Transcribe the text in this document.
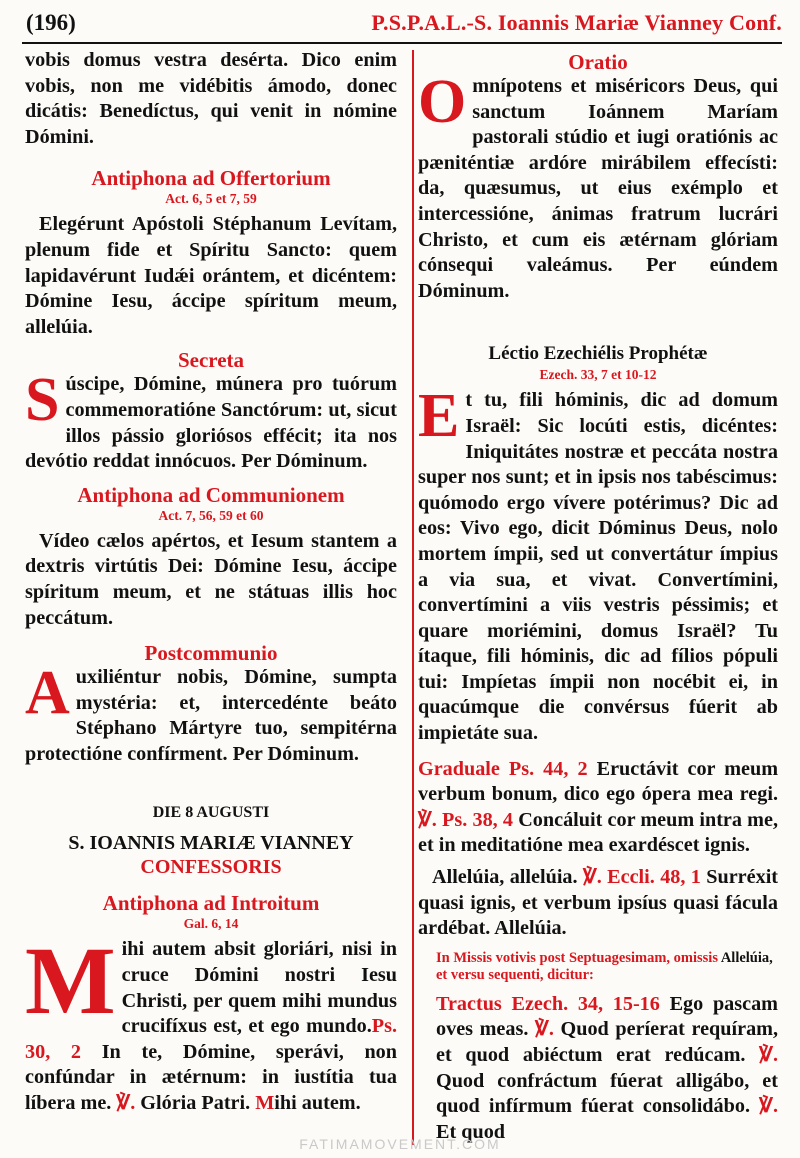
(196)	P.S.P.A.L.-S. Ioannis Mariæ Vianney Conf.

vobis domus vestra desérta. Dico enim vobis, non me vidébitis ámodo, donec dicátis: Benedíctus, qui venit in nómine Dómini.

Antiphona ad Offertorium
Act. 6, 5 et 7, 59

Elegérunt Apóstoli Stéphanum Levítam, plenum fide et Spíritu Sancto: quem lapidavérunt Iudǽi orántem, et dicéntem: Dómine Iesu, áccipe spíritum meum, allelúia.

Secreta

Súscipe, Dómine, múnera pro tuórum commemoratióne Sanctórum: ut, sicut illos pássio gloriósos effécit; ita nos devótio reddat innócuos. Per Dóminum.

Antiphona ad Communionem
Act. 7, 56, 59 et 60

Vídeo cælos apértos, et Iesum stantem a dextris virtútis Dei: Dómine Iesu, áccipe spíritum meum, et ne státuas illis hoc peccátum.

Postcommunio

Auxiliéntur nobis, Dómine, sumpta mystéria: et, intercedénte beáto Stéphano Mártyre tuo, sempitérna protectióne confírment. Per Dóminum.

DIE 8 AUGUSTI
S. IOANNIS MARIÆ VIANNEY
CONFESSORIS
Antiphona ad Introitum
Gal. 6, 14

Mihi autem absit gloriári, nisi in cruce Dómini nostri Iesu Christi, per quem mihi mundus crucifíxus est, et ego mundo.Ps. 30, 2 In te, Dómine, sperávi, non confúndar in ætérnum: in iustítia tua líbera me. ℣. Glória Patri. Mihi autem.

Oratio

Omnípotens et miséricors Deus, qui sanctum Ioánnem Maríam pastorali stúdio et iugi oratiónis ac pæniténtiæ ardóre mirábilem effecísti: da, quæsumus, ut eius exémplo et intercessióne, ánimas fratrum lucrári Christo, et cum eis ætérnam glóriam cónsequi valeámus. Per eúndem Dóminum.

Léctio Ezechiélis Prophétæ
Ezech. 33, 7 et 10-12

Et tu, fili hóminis, dic ad domum Israël: Sic locúti estis, dicéntes: Iniquitátes nostræ et peccáta nostra super nos sunt; et in ipsis nos tabéscimus: quómodo ergo vívere potérimus? Dic ad eos: Vivo ego, dicit Dóminus Deus, nolo mortem ímpii, sed ut convertátur ímpius a via sua, et vivat. Convertímini, convertímini a viis vestris péssimis; et quare moriémini, domus Israël? Tu ítaque, fili hóminis, dic ad fílios pópuli tui: Impíetas ímpii non nocébit ei, in quacúmque die convérsus fúerit ab impietáte sua.

Graduale Ps. 44, 2 Eructávit cor meum verbum bonum, dico ego ópera mea regi. ℣. Ps. 38, 4 Concáluit cor meum intra me, et in meditatióne mea exardéscet ignis.

Allelúia, allelúia. ℣. Eccli. 48, 1 Surréxit quasi ignis, et verbum ipsíus quasi fácula ardébat. Allelúia.

In Missis votivis post Septuagesimam, omissis Allelúia, et versu sequenti, dicitur:

Tractus Ezech. 34, 15-16 Ego pascam oves meas. ℣. Quod períerat requíram, et quod abiéctum erat redúcam. ℣. Quod confráctum fúerat alligábo, et quod infírmum fúerat consolidábo. ℣. Et quod

FATIMAMOVEMENT.COM
